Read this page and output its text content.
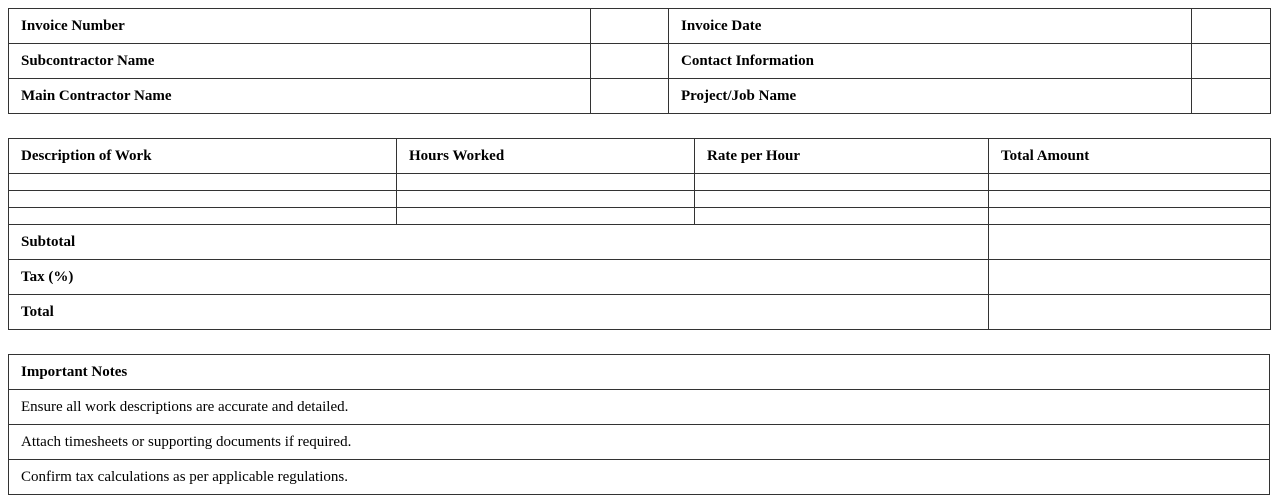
Invoice Number		Invoice Date	
Subcontractor Name		Contact Information	
Main Contractor Name		Project/Job Name	
Description of Work	Hours Worked	Rate per Hour	Total Amount

Subtotal			
Tax (%)			
Total			
Important Notes
Ensure all work descriptions are accurate and detailed.
Attach timesheets or supporting documents if required.
Confirm tax calculations as per applicable regulations.
